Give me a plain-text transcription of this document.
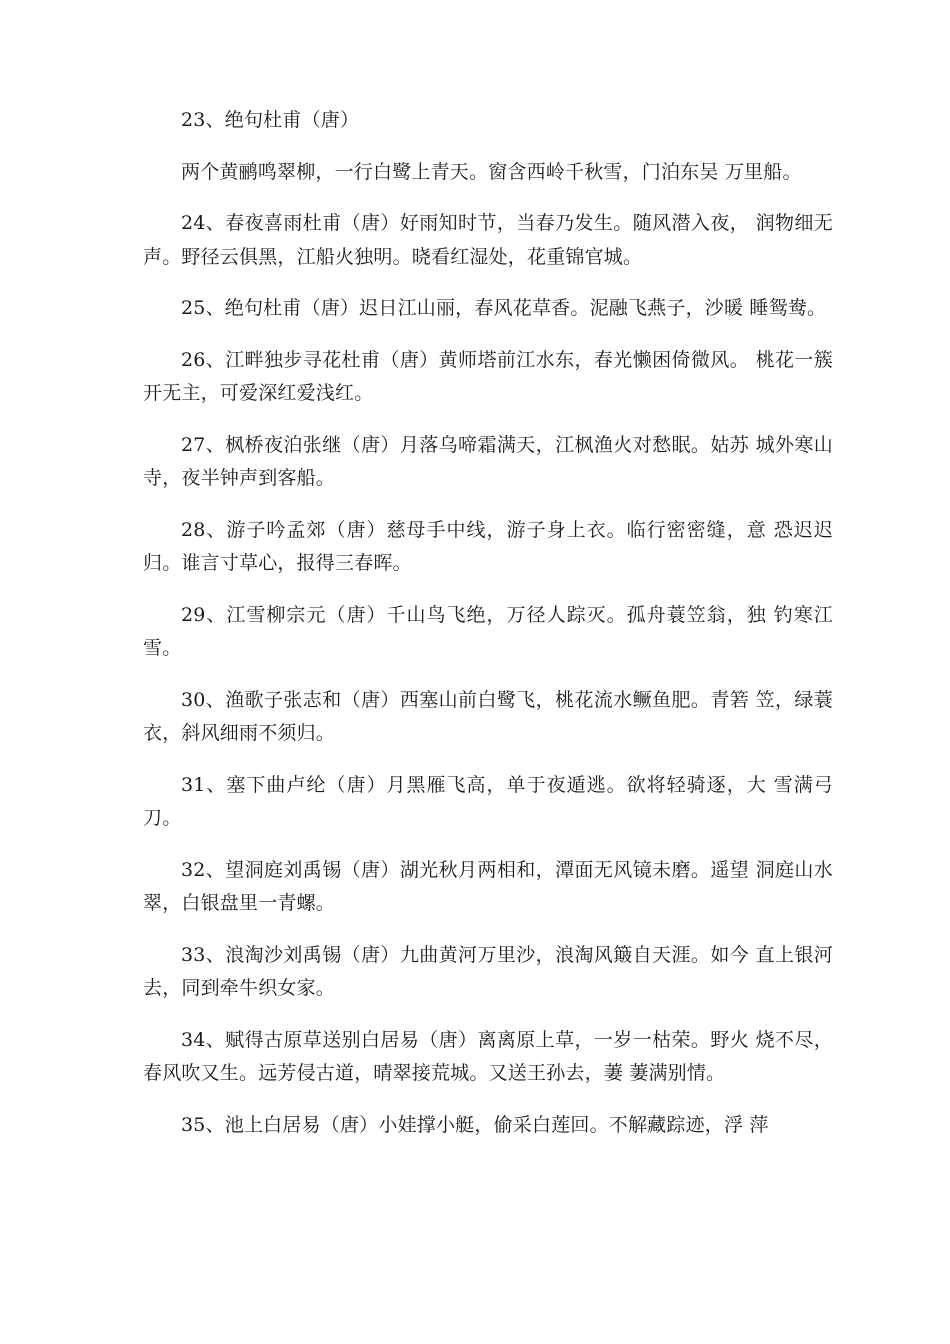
23、绝句杜甫（唐）

两个黄鹂鸣翠柳，一行白鹭上青天。窗含西岭千秋雪，门泊东吴 万里船。

24、春夜喜雨杜甫（唐）好雨知时节，当春乃发生。随风潜入夜， 润物细无声。野径云俱黑，江船火独明。晓看红湿处，花重锦官城。

25、绝句杜甫（唐）迟日江山丽，春风花草香。泥融飞燕子，沙暖 睡鸳鸯。

26、江畔独步寻花杜甫（唐）黄师塔前江水东，春光懒困倚微风。 桃花一簇开无主，可爱深红爱浅红。

27、枫桥夜泊张继（唐）月落乌啼霜满天，江枫渔火对愁眠。姑苏 城外寒山寺，夜半钟声到客船。

28、游子吟孟郊（唐）慈母手中线，游子身上衣。临行密密缝，意 恐迟迟归。谁言寸草心，报得三春晖。

29、江雪柳宗元（唐）千山鸟飞绝，万径人踪灭。孤舟蓑笠翁，独 钓寒江雪。

30、渔歌子张志和（唐）西塞山前白鹭飞，桃花流水鳜鱼肥。青箬 笠，绿蓑衣，斜风细雨不须归。

31、塞下曲卢纶（唐）月黑雁飞高，单于夜遁逃。欲将轻骑逐，大 雪满弓刀。

32、望洞庭刘禹锡（唐）湖光秋月两相和，潭面无风镜未磨。遥望 洞庭山水翠，白银盘里一青螺。

33、浪淘沙刘禹锡（唐）九曲黄河万里沙，浪淘风簸自天涯。如今 直上银河去，同到牵牛织女家。

34、赋得古原草送别白居易（唐）离离原上草，一岁一枯荣。野火 烧不尽，春风吹又生。远芳侵古道，晴翠接荒城。又送王孙去，萋 萋满别情。

35、池上白居易（唐）小娃撑小艇，偷采白莲回。不解藏踪迹，浮 萍
